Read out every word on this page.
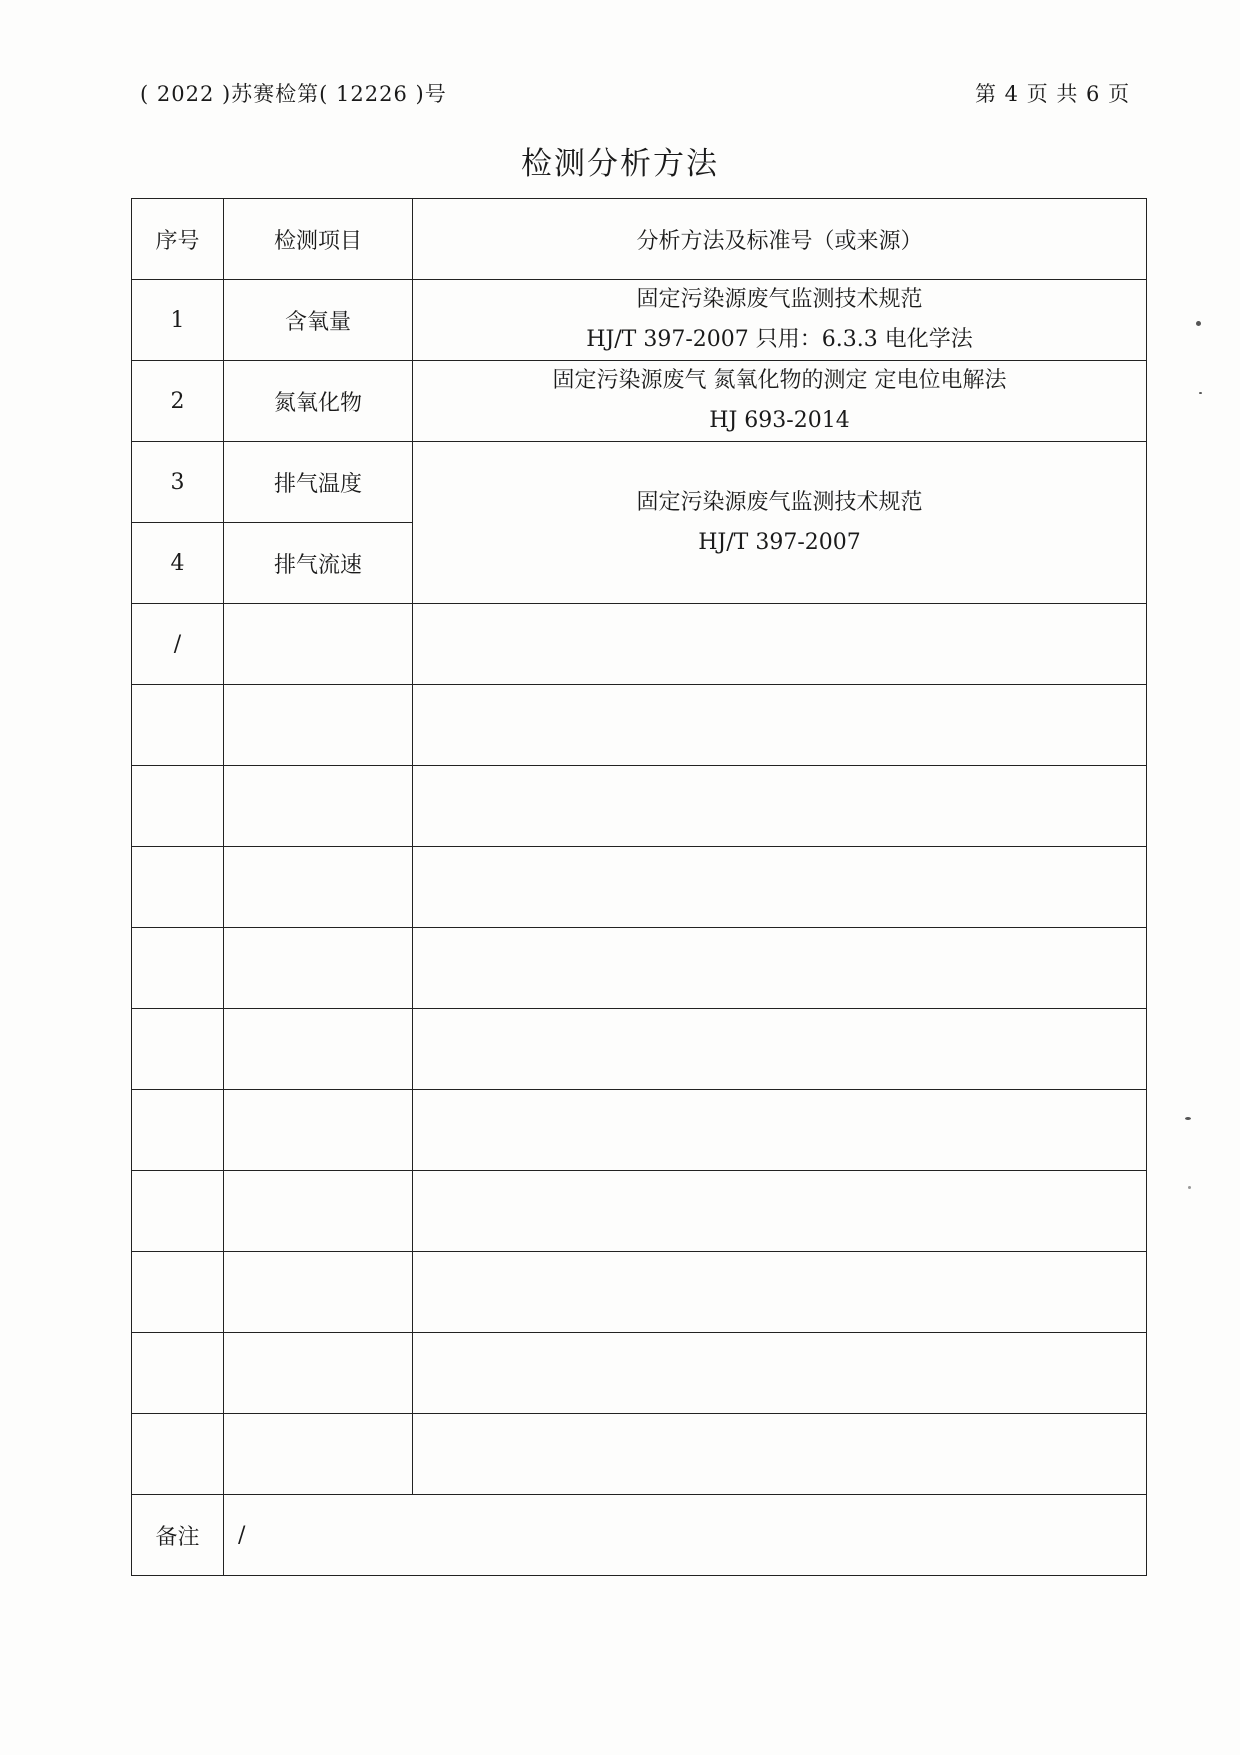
( 2022 )苏赛检第( 12226 )号	第 4 页 共 6 页
检测分析方法
序号	检测项目	分析方法及标准号（或来源）
1	含氧量	固定污染源废气监测技术规范
HJ/T 397-2007 只用：6.3.3 电化学法

2	氮氧化物	固定污染源废气 氮氧化物的测定 定电位电解法
HJ 693-2014

3	排气温度	固定污染源废气监测技术规范
HJ/T 397-2007

4	排气流速	
/		

备注	/	
